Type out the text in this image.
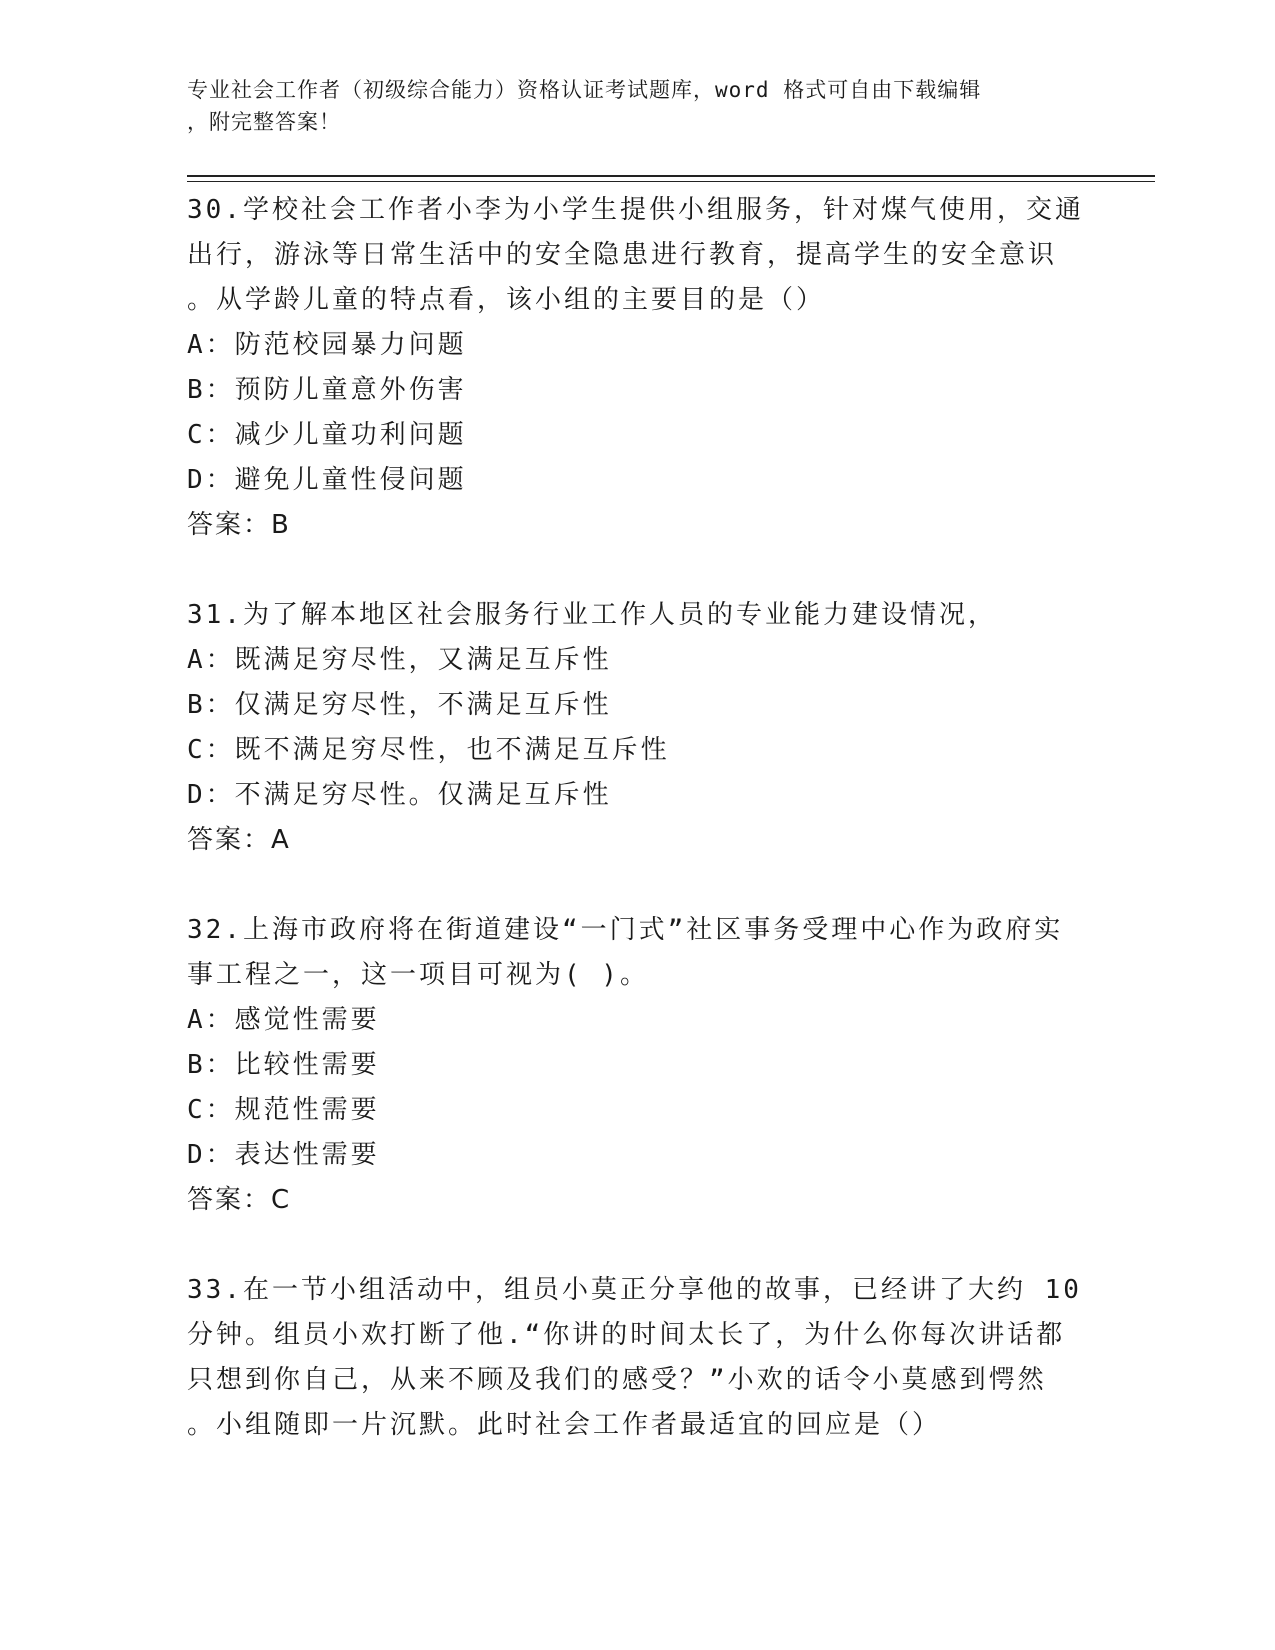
专业社会工作者（初级综合能力）资格认证考试题库，word 格式可自由下载编辑
，附完整答案！
30.学校社会工作者小李为小学生提供小组服务，针对煤气使用，交通
出行，游泳等日常生活中的安全隐患进行教育，提高学生的安全意识
。从学龄儿童的特点看，该小组的主要目的是（）
A：防范校园暴力问题
B：预防儿童意外伤害
C：减少儿童功利问题
D：避免儿童性侵问题
答案：B
31.为了解本地区社会服务行业工作人员的专业能力建设情况，
A：既满足穷尽性，又满足互斥性
B：仅满足穷尽性，不满足互斥性
C：既不满足穷尽性，也不满足互斥性
D：不满足穷尽性。仅满足互斥性
答案：A
32.上海市政府将在街道建设“一门式”社区事务受理中心作为政府实
事工程之一，这一项目可视为( )。
A：感觉性需要
B：比较性需要
C：规范性需要
D：表达性需要
答案：C
33.在一节小组活动中，组员小莫正分享他的故事，已经讲了大约 10
分钟。组员小欢打断了他.“你讲的时间太长了，为什么你每次讲话都
只想到你自己，从来不顾及我们的感受？”小欢的话令小莫感到愕然
。小组随即一片沉默。此时社会工作者最适宜的回应是（）
